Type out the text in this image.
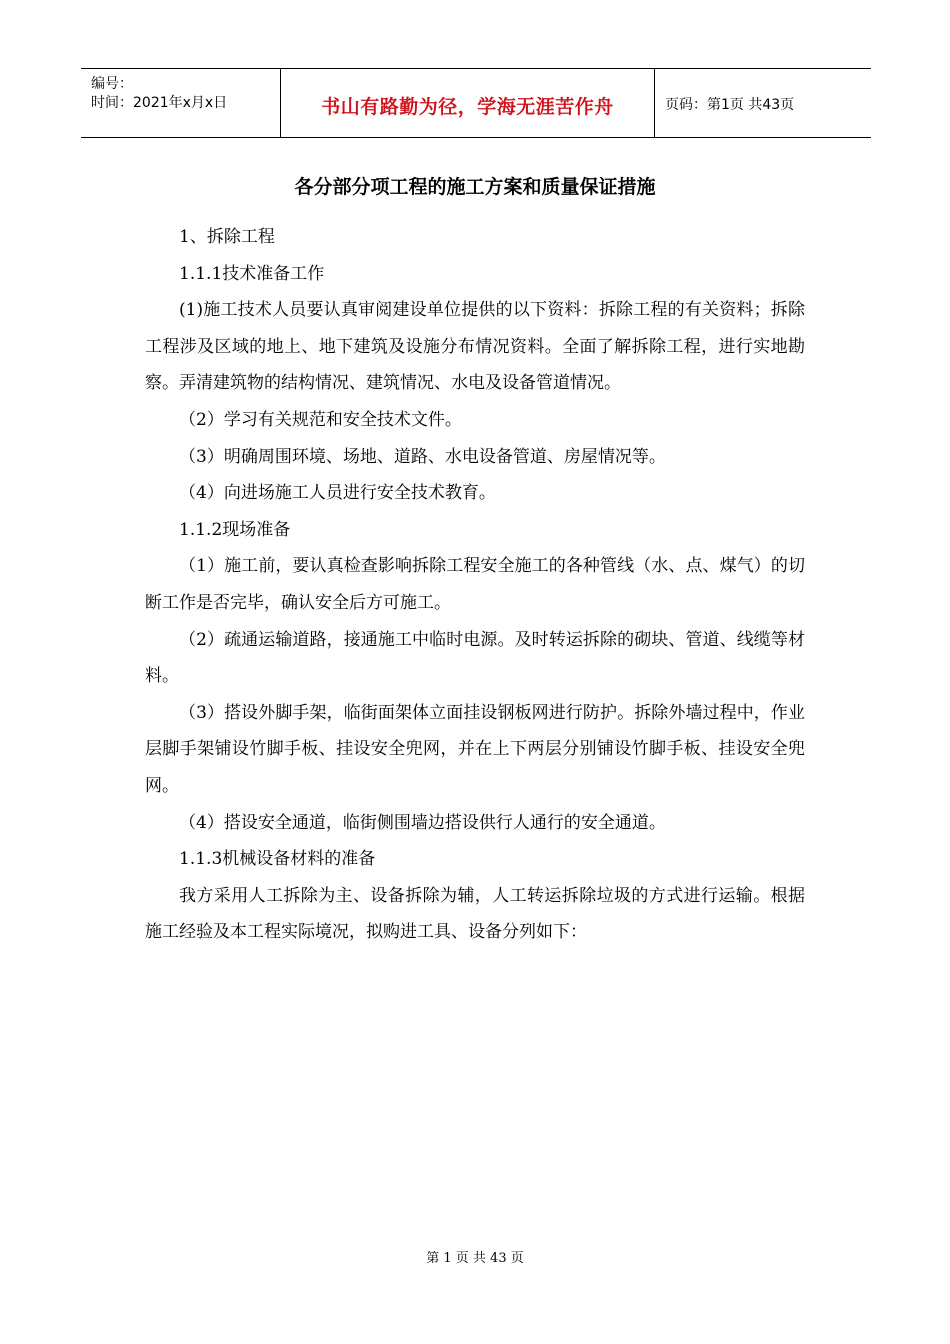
编号：
时间：2021年x月x日	书山有路勤为径，学海无涯苦作舟	页码：第1页 共43页
各分部分项工程的施工方案和质量保证措施

1、拆除工程

1.1.1技术准备工作

(1)施工技术人员要认真审阅建设单位提供的以下资料：拆除工程的有关资料；拆除工程涉及区域的地上、地下建筑及设施分布情况资料。全面了解拆除工程，进行实地勘察。弄清建筑物的结构情况、建筑情况、水电及设备管道情况。

（2）学习有关规范和安全技术文件。

（3）明确周围环境、场地、道路、水电设备管道、房屋情况等。

（4）向进场施工人员进行安全技术教育。

1.1.2现场准备

（1）施工前，要认真检查影响拆除工程安全施工的各种管线（水、点、煤气）的切断工作是否完毕，确认安全后方可施工。

（2）疏通运输道路，接通施工中临时电源。及时转运拆除的砌块、管道、线缆等材料。

（3）搭设外脚手架，临街面架体立面挂设钢板网进行防护。拆除外墙过程中，作业层脚手架铺设竹脚手板、挂设安全兜网，并在上下两层分别铺设竹脚手板、挂设安全兜网。

（4）搭设安全通道，临街侧围墙边搭设供行人通行的安全通道。

1.1.3机械设备材料的准备

我方采用人工拆除为主、设备拆除为辅，人工转运拆除垃圾的方式进行运输。根据施工经验及本工程实际境况，拟购进工具、设备分列如下：

第 1 页 共 43 页
